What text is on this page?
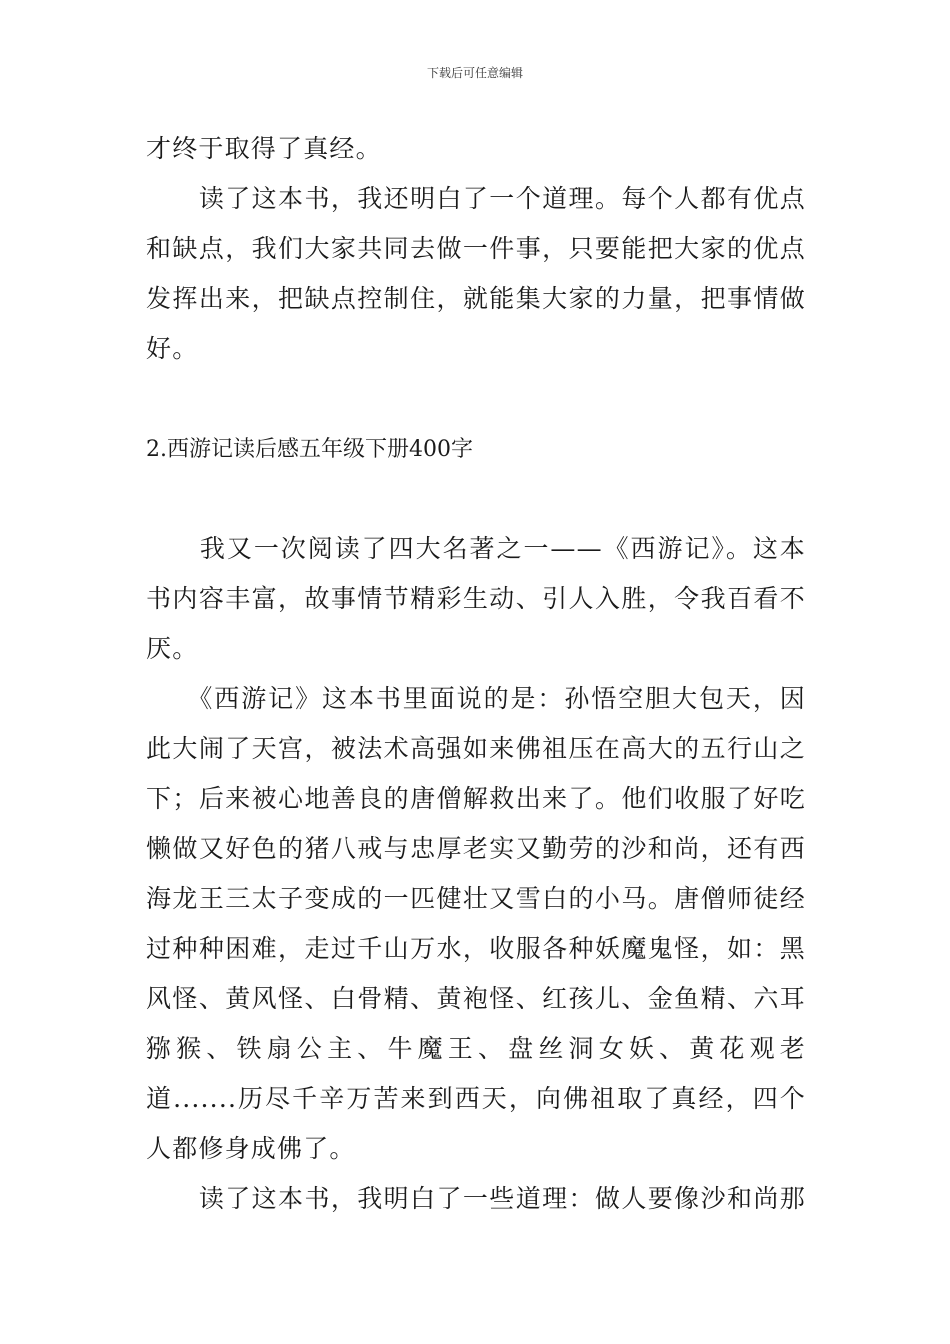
下载后可任意编辑
才终于取得了真经。
　　读了这本书，我还明白了一个道理。每个人都有优点
和缺点，我们大家共同去做一件事，只要能把大家的优点
发挥出来，把缺点控制住，就能集大家的力量，把事情做
好。
2.西游记读后感五年级下册400字
　　我又一次阅读了四大名著之一——《西游记》。这本
书内容丰富，故事情节精彩生动、引人入胜，令我百看不
厌。
　　《西游记》这本书里面说的是：孙悟空胆大包天，因
此大闹了天宫，被法术高强如来佛祖压在高大的五行山之
下；后来被心地善良的唐僧解救出来了。他们收服了好吃
懒做又好色的猪八戒与忠厚老实又勤劳的沙和尚，还有西
海龙王三太子变成的一匹健壮又雪白的小马。唐僧师徒经
过种种困难，走过千山万水，收服各种妖魔鬼怪，如：黑
风怪、黄风怪、白骨精、黄袍怪、红孩儿、金鱼精、六耳
猕猴、铁扇公主、牛魔王、盘丝洞女妖、黄花观老
道.......历尽千辛万苦来到西天，向佛祖取了真经，四个
人都修身成佛了。
　　读了这本书，我明白了一些道理：做人要像沙和尚那
